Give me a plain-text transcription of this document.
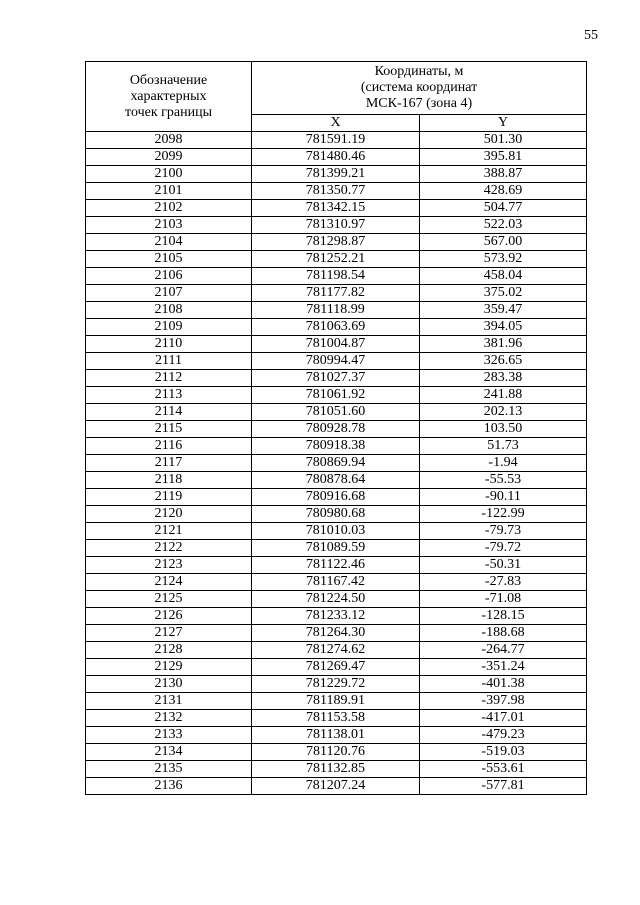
55
Обозначение
характерных
точек границы	Координаты, м
(система координат
МСК-167 (зона 4)	

	X	Y
2098	781591.19	501.30
2099	781480.46	395.81
2100	781399.21	388.87
2101	781350.77	428.69
2102	781342.15	504.77
2103	781310.97	522.03
2104	781298.87	567.00
2105	781252.21	573.92
2106	781198.54	458.04
2107	781177.82	375.02
2108	781118.99	359.47
2109	781063.69	394.05
2110	781004.87	381.96
2111	780994.47	326.65
2112	781027.37	283.38
2113	781061.92	241.88
2114	781051.60	202.13
2115	780928.78	103.50
2116	780918.38	51.73
2117	780869.94	-1.94
2118	780878.64	-55.53
2119	780916.68	-90.11
2120	780980.68	-122.99
2121	781010.03	-79.73
2122	781089.59	-79.72
2123	781122.46	-50.31
2124	781167.42	-27.83
2125	781224.50	-71.08
2126	781233.12	-128.15
2127	781264.30	-188.68
2128	781274.62	-264.77
2129	781269.47	-351.24
2130	781229.72	-401.38
2131	781189.91	-397.98
2132	781153.58	-417.01
2133	781138.01	-479.23
2134	781120.76	-519.03
2135	781132.85	-553.61
2136	781207.24	-577.81
